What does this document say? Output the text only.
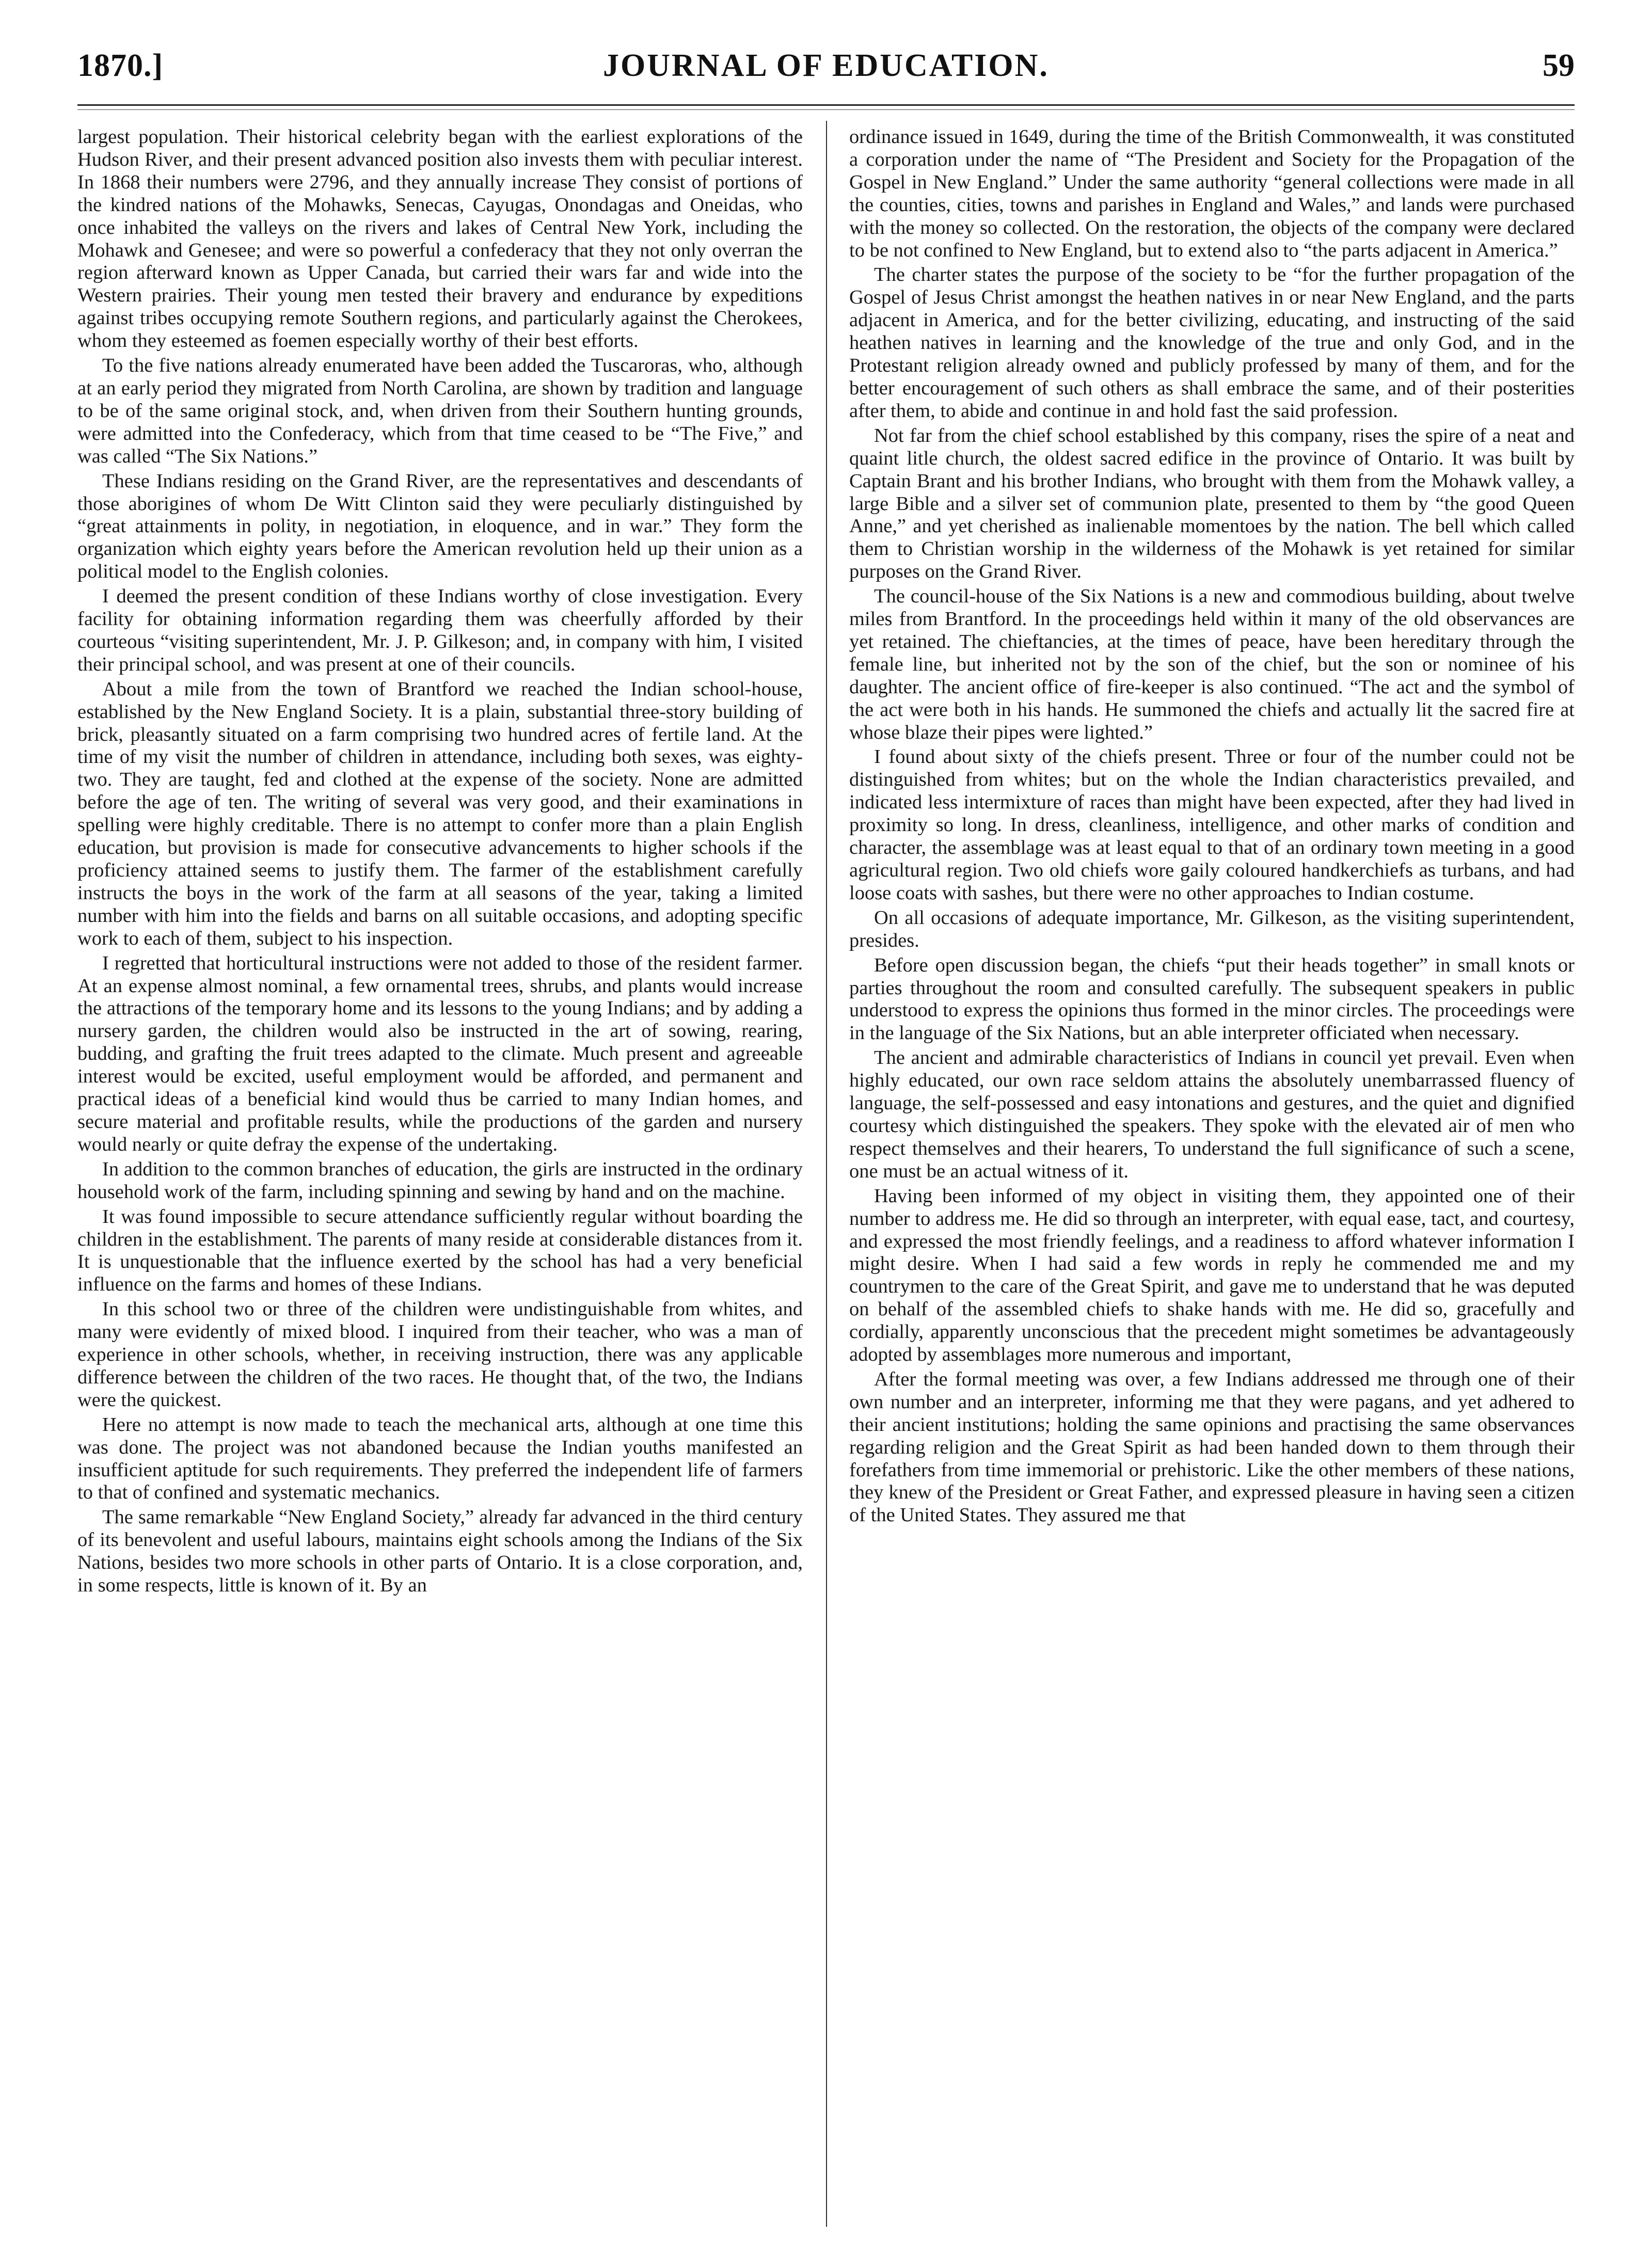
1870.]	JOURNAL OF EDUCATION.	59

largest population. Their historical celebrity began with the earliest explorations of the Hudson River, and their present advanced position also invests them with peculiar interest. In 1868 their numbers were 2796, and they annually increase They consist of portions of the kindred nations of the Mohawks, Senecas, Cayugas, Onondagas and Oneidas, who once inhabited the valleys on the rivers and lakes of Central New York, including the Mohawk and Genesee; and were so powerful a confederacy that they not only overran the region afterward known as Upper Canada, but carried their wars far and wide into the Western prairies. Their young men tested their bravery and endurance by expeditions against tribes occupying remote Southern regions, and particularly against the Cherokees, whom they esteemed as foemen especially worthy of their best efforts.

To the five nations already enumerated have been added the Tuscaroras, who, although at an early period they migrated from North Carolina, are shown by tradition and language to be of the same original stock, and, when driven from their Southern hunting grounds, were admitted into the Confederacy, which from that time ceased to be “The Five,” and was called “The Six Nations.”

These Indians residing on the Grand River, are the representatives and descendants of those aborigines of whom De Witt Clinton said they were peculiarly distinguished by “great attainments in polity, in negotiation, in eloquence, and in war.” They form the organization which eighty years before the American revolution held up their union as a political model to the English colonies.

I deemed the present condition of these Indians worthy of close investigation. Every facility for obtaining information regarding them was cheerfully afforded by their courteous “visiting superintendent, Mr. J. P. Gilkeson; and, in company with him, I visited their principal school, and was present at one of their councils.

About a mile from the town of Brantford we reached the Indian school-house, established by the New England Society. It is a plain, substantial three-story building of brick, pleasantly situated on a farm comprising two hundred acres of fertile land. At the time of my visit the number of children in attendance, including both sexes, was eighty-two. They are taught, fed and clothed at the expense of the society. None are admitted before the age of ten. The writing of several was very good, and their examinations in spelling were highly creditable. There is no attempt to confer more than a plain English education, but provision is made for consecutive advancements to higher schools if the proficiency attained seems to justify them. The farmer of the establishment carefully instructs the boys in the work of the farm at all seasons of the year, taking a limited number with him into the fields and barns on all suitable occasions, and adopting specific work to each of them, subject to his inspection.

I regretted that horticultural instructions were not added to those of the resident farmer. At an expense almost nominal, a few ornamental trees, shrubs, and plants would increase the attractions of the temporary home and its lessons to the young Indians; and by adding a nursery garden, the children would also be instructed in the art of sowing, rearing, budding, and grafting the fruit trees adapted to the climate. Much present and agreeable interest would be excited, useful employment would be afforded, and permanent and practical ideas of a beneficial kind would thus be carried to many Indian homes, and secure material and profitable results, while the productions of the garden and nursery would nearly or quite defray the expense of the undertaking.

In addition to the common branches of education, the girls are instructed in the ordinary household work of the farm, including spinning and sewing by hand and on the machine.

It was found impossible to secure attendance sufficiently regular without boarding the children in the establishment. The parents of many reside at considerable distances from it. It is unquestionable that the influence exerted by the school has had a very beneficial influence on the farms and homes of these Indians.

In this school two or three of the children were undistinguishable from whites, and many were evidently of mixed blood. I inquired from their teacher, who was a man of experience in other schools, whether, in receiving instruction, there was any applicable difference between the children of the two races. He thought that, of the two, the Indians were the quickest.

Here no attempt is now made to teach the mechanical arts, although at one time this was done. The project was not abandoned because the Indian youths manifested an insufficient aptitude for such requirements. They preferred the independent life of farmers to that of confined and systematic mechanics.

The same remarkable “New England Society,” already far advanced in the third century of its benevolent and useful labours, maintains eight schools among the Indians of the Six Nations, besides two more schools in other parts of Ontario. It is a close corporation, and, in some respects, little is known of it. By an

ordinance issued in 1649, during the time of the British Commonwealth, it was constituted a corporation under the name of “The President and Society for the Propagation of the Gospel in New England.” Under the same authority “general collections were made in all the counties, cities, towns and parishes in England and Wales,” and lands were purchased with the money so collected. On the restoration, the objects of the company were declared to be not confined to New England, but to extend also to “the parts adjacent in America.”

The charter states the purpose of the society to be “for the further propagation of the Gospel of Jesus Christ amongst the heathen natives in or near New England, and the parts adjacent in America, and for the better civilizing, educating, and instructing of the said heathen natives in learning and the knowledge of the true and only God, and in the Protestant religion already owned and publicly professed by many of them, and for the better encouragement of such others as shall embrace the same, and of their posterities after them, to abide and continue in and hold fast the said profession.

Not far from the chief school established by this company, rises the spire of a neat and quaint litle church, the oldest sacred edifice in the province of Ontario. It was built by Captain Brant and his brother Indians, who brought with them from the Mohawk valley, a large Bible and a silver set of communion plate, presented to them by “the good Queen Anne,” and yet cherished as inalienable momentoes by the nation. The bell which called them to Christian worship in the wilderness of the Mohawk is yet retained for similar purposes on the Grand River.

The council-house of the Six Nations is a new and commodious building, about twelve miles from Brantford. In the proceedings held within it many of the old observances are yet retained. The chieftancies, at the times of peace, have been hereditary through the female line, but inherited not by the son of the chief, but the son or nominee of his daughter. The ancient office of fire-keeper is also continued. “The act and the symbol of the act were both in his hands. He summoned the chiefs and actually lit the sacred fire at whose blaze their pipes were lighted.”

I found about sixty of the chiefs present. Three or four of the number could not be distinguished from whites; but on the whole the Indian characteristics prevailed, and indicated less intermixture of races than might have been expected, after they had lived in proximity so long. In dress, cleanliness, intelligence, and other marks of condition and character, the assemblage was at least equal to that of an ordinary town meeting in a good agricultural region. Two old chiefs wore gaily coloured handkerchiefs as turbans, and had loose coats with sashes, but there were no other approaches to Indian costume.

On all occasions of adequate importance, Mr. Gilkeson, as the visiting superintendent, presides.

Before open discussion began, the chiefs “put their heads together” in small knots or parties throughout the room and consulted carefully. The subsequent speakers in public understood to express the opinions thus formed in the minor circles. The proceedings were in the language of the Six Nations, but an able interpreter officiated when necessary.

The ancient and admirable characteristics of Indians in council yet prevail. Even when highly educated, our own race seldom attains the absolutely unembarrassed fluency of language, the self-possessed and easy intonations and gestures, and the quiet and dignified courtesy which distinguished the speakers. They spoke with the elevated air of men who respect themselves and their hearers, To understand the full significance of such a scene, one must be an actual witness of it.

Having been informed of my object in visiting them, they appointed one of their number to address me. He did so through an interpreter, with equal ease, tact, and courtesy, and expressed the most friendly feelings, and a readiness to afford whatever information I might desire. When I had said a few words in reply he commended me and my countrymen to the care of the Great Spirit, and gave me to understand that he was deputed on behalf of the assembled chiefs to shake hands with me. He did so, gracefully and cordially, apparently unconscious that the precedent might sometimes be advantageously adopted by assemblages more numerous and important,

After the formal meeting was over, a few Indians addressed me through one of their own number and an interpreter, informing me that they were pagans, and yet adhered to their ancient institutions; holding the same opinions and practising the same observances regarding religion and the Great Spirit as had been handed down to them through their forefathers from time immemorial or prehistoric. Like the other members of these nations, they knew of the President or Great Father, and expressed pleasure in having seen a citizen of the United States. They assured me that
